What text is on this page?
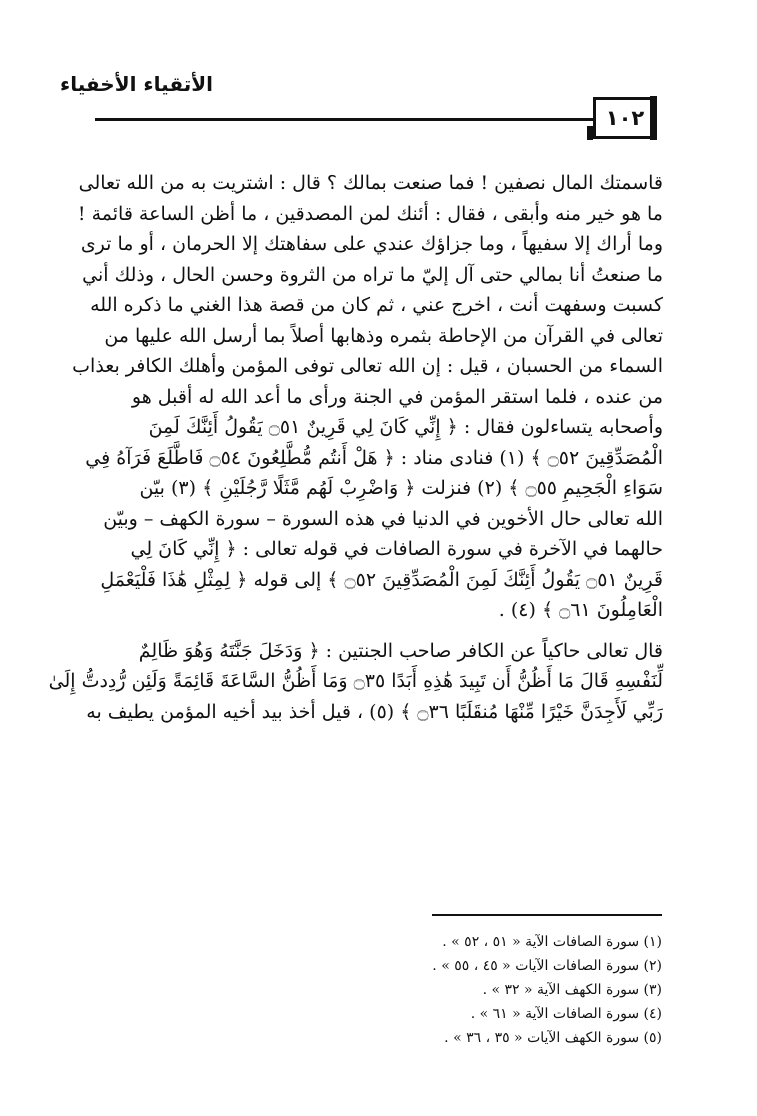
الأتقياء الأخفياء
١٠٢

قاسمتك المال نصفين ! فما صنعت بمالك ؟ قال : اشتريت به من الله تعالى
ما هو خير منه وأبقى ، فقال : أئنك لمن المصدقين ، ما أظن الساعة قائمة !
وما أراك إلا سفيهاً ، وما جزاؤك عندي على سفاهتك إلا الحرمان ، أو ما ترى
ما صنعتُ أنا بمالي حتى آل إليّ ما تراه من الثروة وحسن الحال ، وذلك أني
كسبت وسفهت أنت ، اخرج عني ، ثم كان من قصة هذا الغني ما ذكره الله
تعالى في القرآن من الإحاطة بثمره وذهابها أصلاً بما أرسل الله عليها من
السماء من الحسبان ، قيل : إن الله تعالى توفى المؤمن وأهلك الكافر بعذاب
من عنده ، فلما استقر المؤمن في الجنة ورأى ما أعد الله له أقبل هو
وأصحابه يتساءلون فقال : ﴿ إِنِّي كَانَ لِي قَرِينٌ ۝٥١ يَقُولُ أَئِنَّكَ لَمِنَ
الْمُصَدِّقِينَ ۝٥٢ ﴾ (١) فنادى مناد : ﴿ هَلْ أَنتُم مُّطَّلِعُونَ ۝٥٤ فَاطَّلَعَ فَرَآهُ فِي
سَوَاءِ الْجَحِيمِ ۝٥٥ ﴾ (٢) فنزلت ﴿ وَاضْرِبْ لَهُم مَّثَلًا رَّجُلَيْنِ ﴾ (٣) بيّن
الله تعالى حال الأخوين في الدنيا في هذه السورة – سورة الكهف – وبيّن
حالهما في الآخرة في سورة الصافات في قوله تعالى : ﴿ إِنِّي كَانَ لِي
قَرِينٌ ۝٥١ يَقُولُ أَئِنَّكَ لَمِنَ الْمُصَدِّقِينَ ۝٥٢ ﴾ إلى قوله ﴿ لِمِثْلِ هَٰذَا فَلْيَعْمَلِ
الْعَامِلُونَ ۝٦١ ﴾ (٤) .

قال تعالى حاكياً عن الكافر صاحب الجنتين : ﴿ وَدَخَلَ جَنَّتَهُ وَهُوَ ظَالِمٌ
لِّنَفْسِهِ قَالَ مَا أَظُنُّ أَن تَبِيدَ هَٰذِهِ أَبَدًا ۝٣٥ وَمَا أَظُنُّ السَّاعَةَ قَائِمَةً وَلَئِن رُّدِدتُّ إِلَىٰ
رَبِّي لَأَجِدَنَّ خَيْرًا مِّنْهَا مُنقَلَبًا ۝٣٦ ﴾ (٥) ، قيل أخذ بيد أخيه المؤمن يطيف به

(١) سورة الصافات الآية « ٥١ ، ٥٢ » .
(٢) سورة الصافات الآيات « ٤٥ ، ٥٥ » .
(٣) سورة الكهف الآية « ٣٢ » .
(٤) سورة الصافات الآية « ٦١ » .
(٥) سورة الكهف الآيات « ٣٥ ، ٣٦ » .
